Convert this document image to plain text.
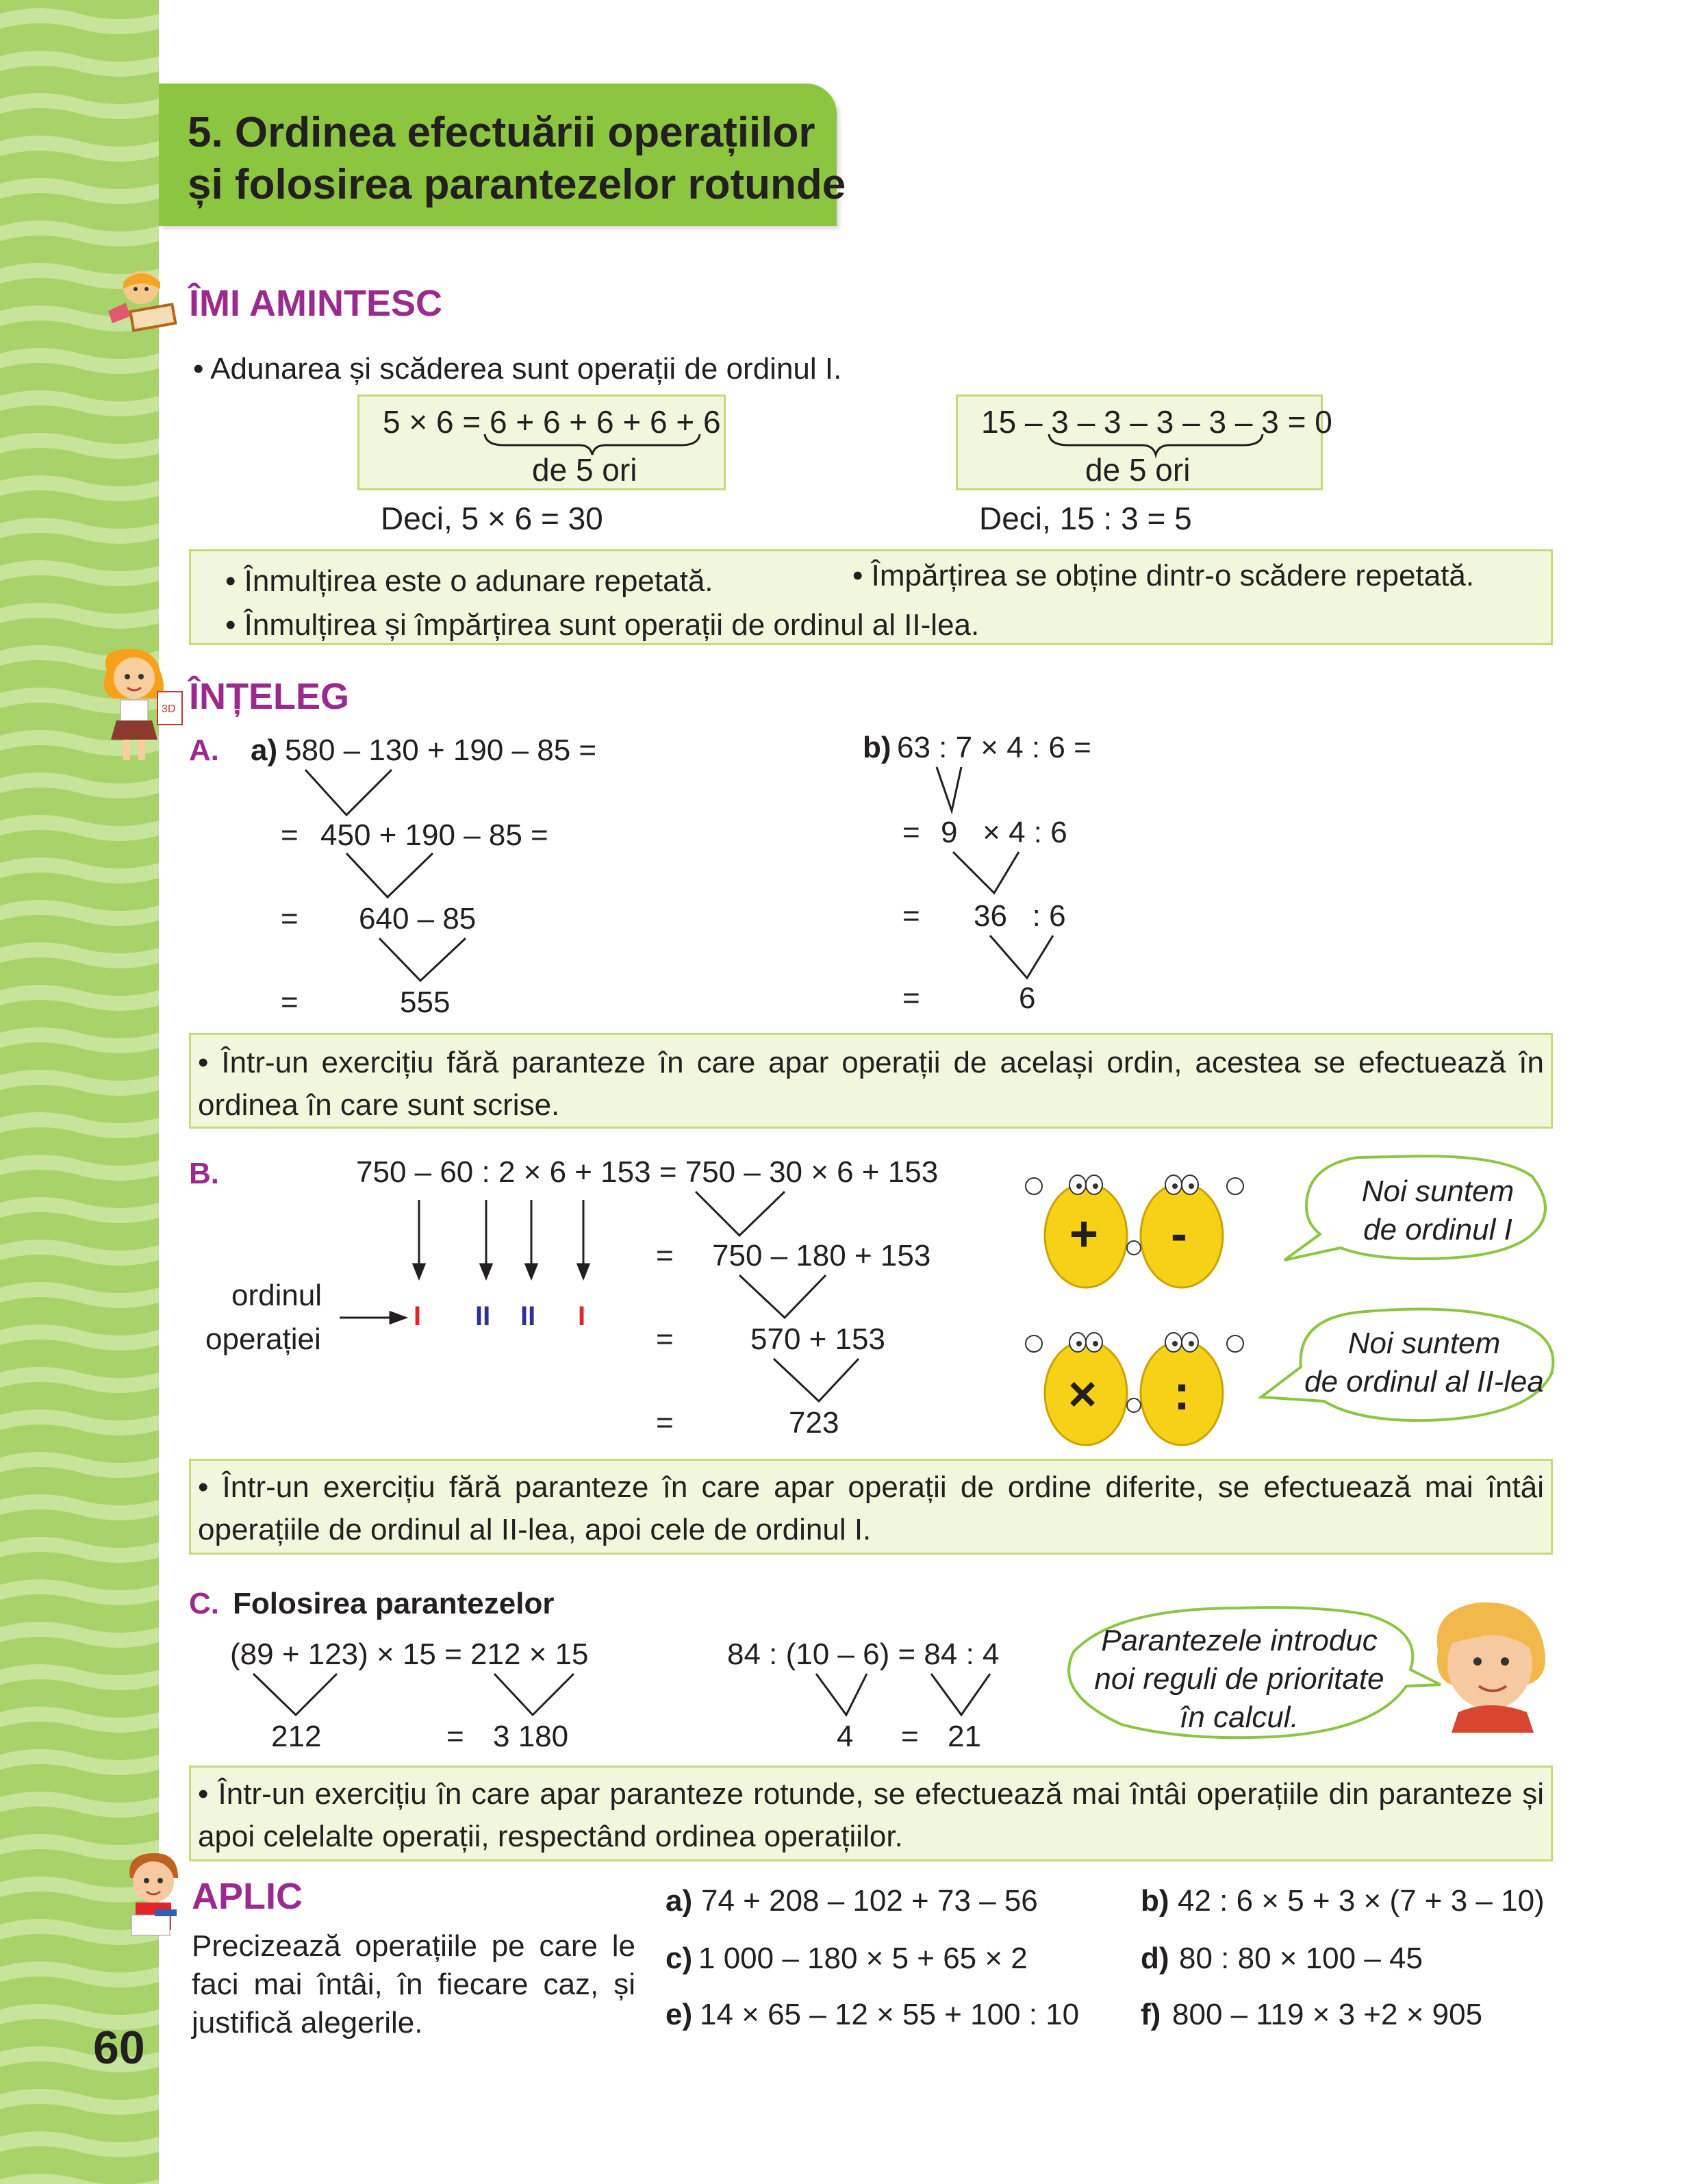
5. Ordinea efectuării operațiilor
și folosirea parantezelor rotunde
ÎMI AMINTESC
• Adunarea și scăderea sunt operații de ordinul I.
5 × 6 = 6 + 6 + 6 + 6 + 6
de 5 ori
Deci, 5 × 6 = 30
15 – 3 – 3 – 3 – 3 – 3 = 0
de 5 ori
Deci, 15 : 3 = 5
• Înmulțirea este o adunare repetată.	• Împărțirea se obține dintr-o scădere repetată.
• Înmulțirea și împărțirea sunt operații de ordinul al II-lea.
3D ÎNȚELEG
A. a) 580 – 130 + 190 – 85 =
= 450 + 190 – 85 =
= 640 – 85
=	555
b) 63 : 7 × 4 : 6 =
= 9   × 4 : 6
= 36   : 6
=	6
• Într-un exercițiu fără paranteze în care apar operații de același ordin, acestea se efectuează în ordinea în care sunt scrise.
B.	750 – 60 : 2 × 6 + 153 = 750 – 30 × 6 + 153
ordinul
operației
I II II I
= 750 – 180 + 153
=	570 + 153
=	723
+ -
× :
Noi suntem
de ordinul I
Noi suntem
de ordinul al II-lea
• Într-un exercițiu fără paranteze în care apar operații de ordine diferite, se efectuează mai întâi operațiile de ordinul al II-lea, apoi cele de ordinul I.
C. Folosirea parantezelor
(89 + 123) × 15 = 212 × 15
212	= 3 180
84 : (10 – 6) = 84 : 4
4 = 21
Parantezele introduc
noi reguli de prioritate
în calcul.
• Într-un exercițiu în care apar paranteze rotunde, se efectuează mai întâi operațiile din paranteze și apoi celelalte operații, respectând ordinea operațiilor.
APLIC
Precizează operațiile pe care le faci mai întâi, în fiecare caz, și justifică alegerile.
a) 74 + 208 – 102 + 73 – 56	b) 42 : 6 × 5 + 3 × (7 + 3 – 10)
c) 1 000 – 180 × 5 + 65 × 2	d) 80 : 80 × 100 – 45
e) 14 × 65 – 12 × 55 + 100 : 10 f) 800 – 119 × 3 +2 × 905
60
